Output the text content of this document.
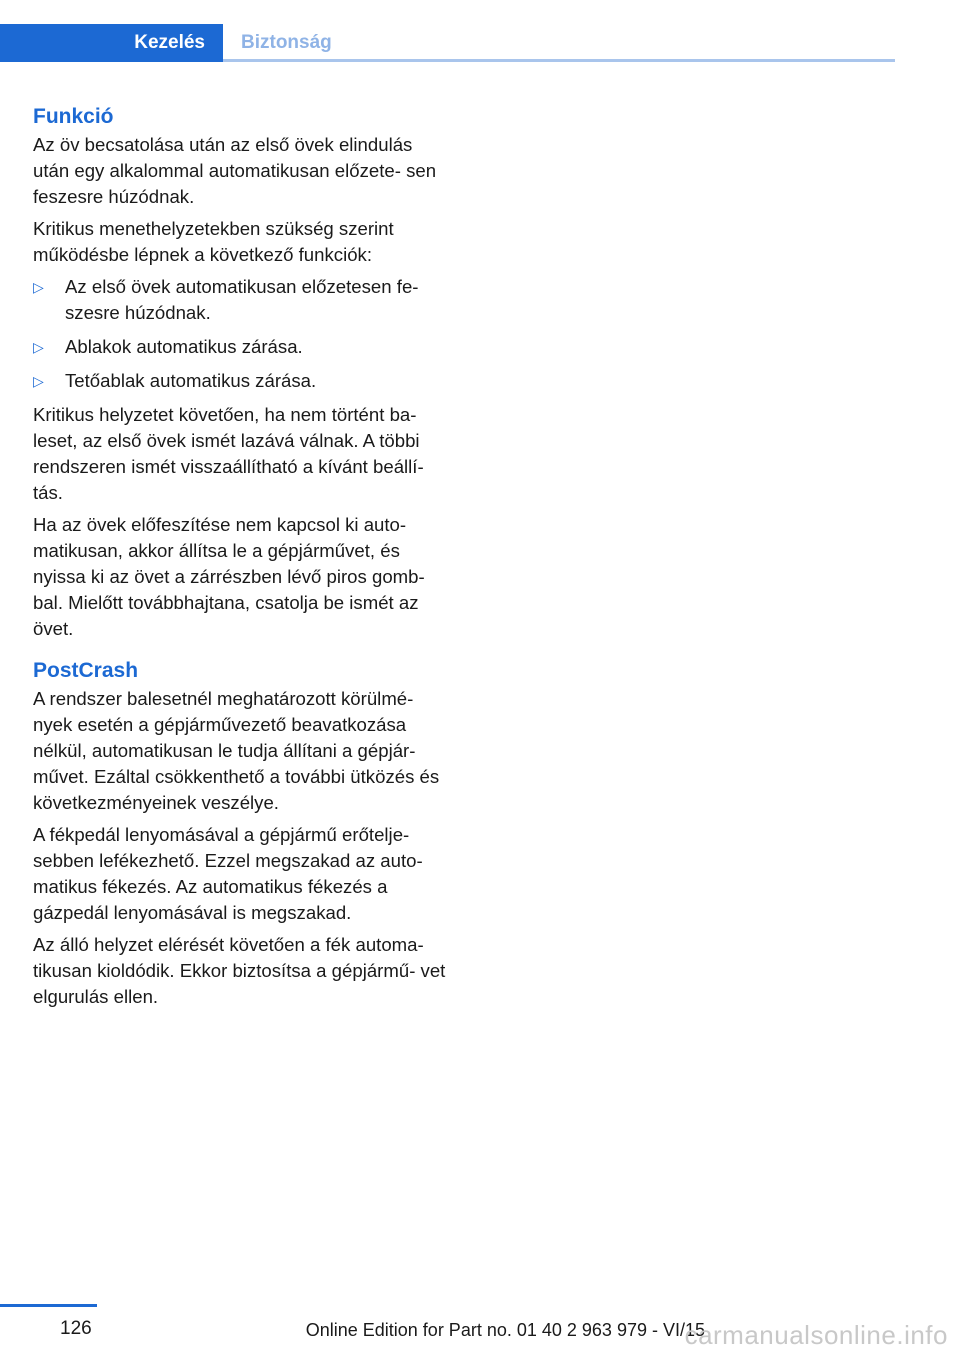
Kezelés	Biztonság
Funkció

Az öv becsatolása után az első övek elindulás után egy alkalommal automatikusan előzete- sen feszesre húzódnak.

Kritikus menethelyzetekben szükség szerint működésbe lépnek a következő funkciók:

▷ Az első övek automatikusan előzetesen fe- szesre húzódnak.
▷ Ablakok automatikus zárása.
▷ Tetőablak automatikus zárása.

Kritikus helyzetet követően, ha nem történt ba- leset, az első övek ismét lazává válnak. A többi rendszeren ismét visszaállítható a kívánt beállí- tás.

Ha az övek előfeszítése nem kapcsol ki auto- matikusan, akkor állítsa le a gépjárművet, és nyissa ki az övet a zárrészben lévő piros gomb- bal. Mielőtt továbbhajtana, csatolja be ismét az övet.

PostCrash

A rendszer balesetnél meghatározott körülmé- nyek esetén a gépjárművezető beavatkozása nélkül, automatikusan le tudja állítani a gépjár- művet. Ezáltal csökkenthető a további ütközés és következményeinek veszélye.

A fékpedál lenyomásával a gépjármű erőtelje- sebben lefékezhető. Ezzel megszakad az auto- matikus fékezés. Az automatikus fékezés a gázpedál lenyomásával is megszakad.

Az álló helyzet elérését követően a fék automa- tikusan kioldódik. Ekkor biztosítsa a gépjármű- vet elgurulás ellen.

126	Online Edition for Part no. 01 40 2 963 979 - VI/15
carmanualsonline.info
